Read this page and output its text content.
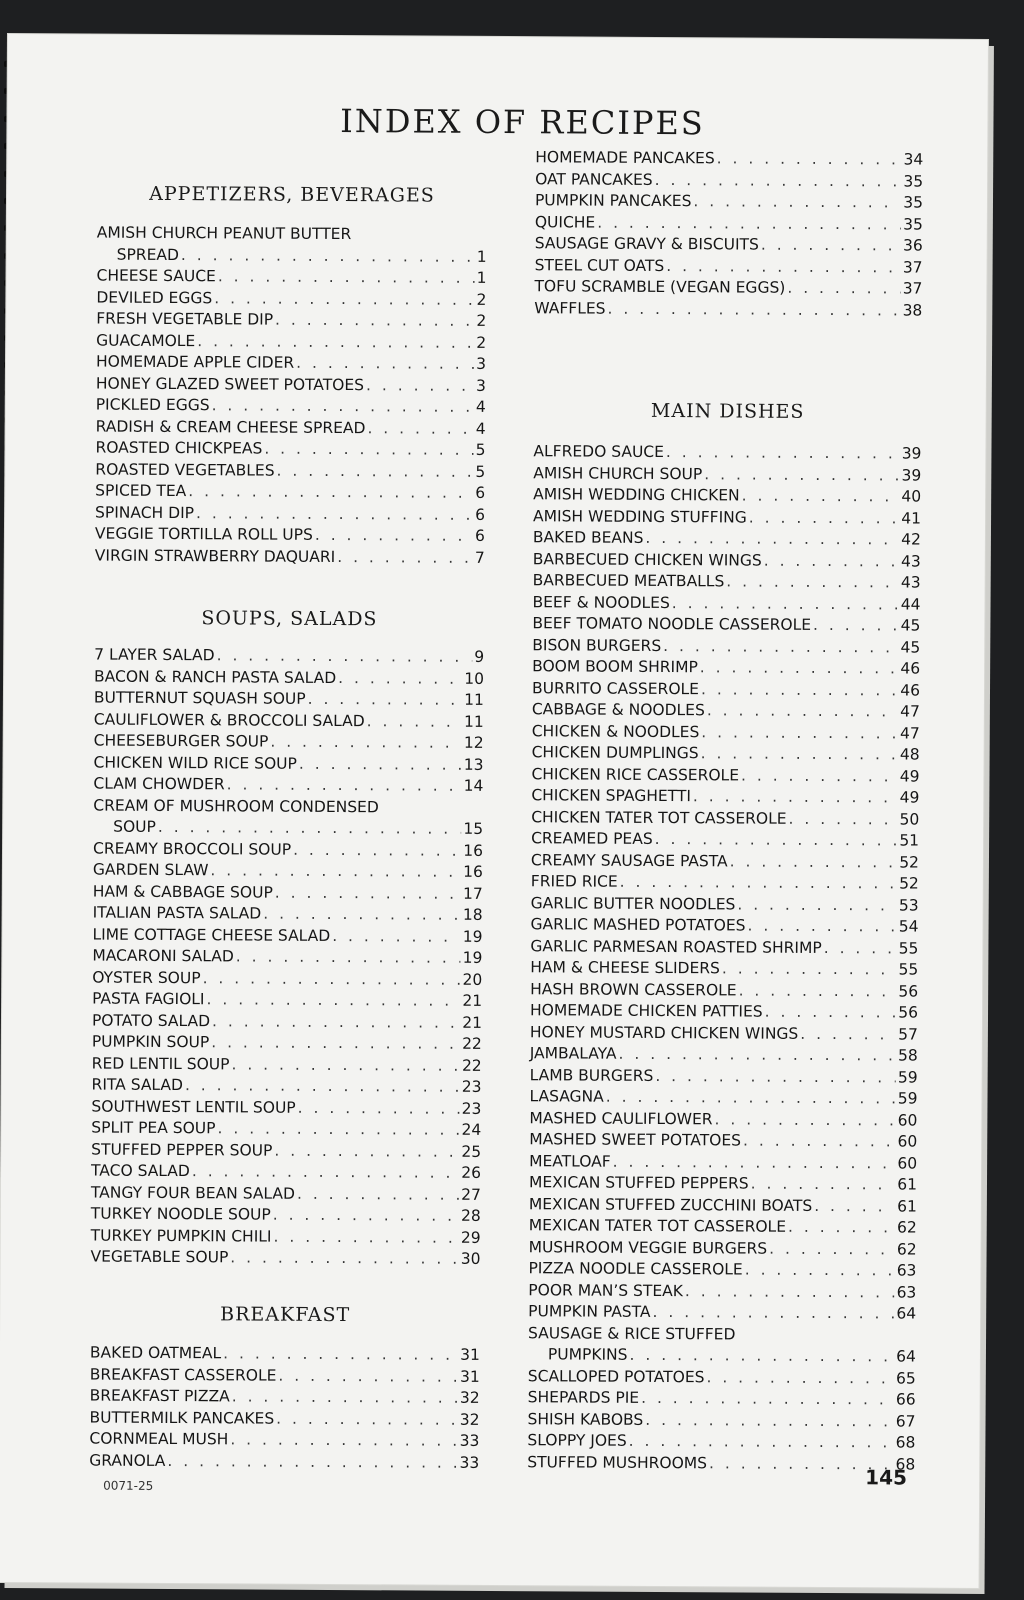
INDEX OF RECIPES
APPETIZERS, BEVERAGES
AMISH CHURCH PEANUT BUTTER
SPREAD . . .	1
CHEESE SAUCE . . .	1
DEVILED EGGS . . .	2
FRESH VEGETABLE DIP . . .	2
GUACAMOLE . . .	2
HOMEMADE APPLE CIDER . . .	3
HONEY GLAZED SWEET POTATOES . . .	3
PICKLED EGGS . . .	4
RADISH & CREAM CHEESE SPREAD . . .	4
ROASTED CHICKPEAS . . .	5
ROASTED VEGETABLES . . .	5
SPICED TEA . . .	6
SPINACH DIP . . .	6
VEGGIE TORTILLA ROLL UPS . . .	6
VIRGIN STRAWBERRY DAQUARI . . .	7
SOUPS, SALADS
7 LAYER SALAD . . .	9
BACON & RANCH PASTA SALAD . . .	10
BUTTERNUT SQUASH SOUP . . .	11
CAULIFLOWER & BROCCOLI SALAD . . .	11
CHEESEBURGER SOUP . . .	12
CHICKEN WILD RICE SOUP . . .	13
CLAM CHOWDER . . .	14
CREAM OF MUSHROOM CONDENSED
SOUP . . .	15
CREAMY BROCCOLI SOUP . . .	16
GARDEN SLAW . . .	16
HAM & CABBAGE SOUP . . .	17
ITALIAN PASTA SALAD . . .	18
LIME COTTAGE CHEESE SALAD . . .	19
MACARONI SALAD . . .	19
OYSTER SOUP . . .	20
PASTA FAGIOLI . . .	21
POTATO SALAD . . .	21
PUMPKIN SOUP . . .	22
RED LENTIL SOUP . . .	22
RITA SALAD . . .	23
SOUTHWEST LENTIL SOUP . . .	23
SPLIT PEA SOUP . . .	24
STUFFED PEPPER SOUP . . .	25
TACO SALAD . . .	26
TANGY FOUR BEAN SALAD . . .	27
TURKEY NOODLE SOUP . . .	28
TURKEY PUMPKIN CHILI . . .	29
VEGETABLE SOUP . . .	30
BREAKFAST
BAKED OATMEAL . . .	31
BREAKFAST CASSEROLE . . .	31
BREAKFAST PIZZA . . .	32
BUTTERMILK PANCAKES . . .	32
CORNMEAL MUSH . . .	33
GRANOLA . . .	33
HOMEMADE PANCAKES . . .	34
OAT PANCAKES . . .	35
PUMPKIN PANCAKES . . .	35
QUICHE . . .	35
SAUSAGE GRAVY & BISCUITS . . .	36
STEEL CUT OATS . . .	37
TOFU SCRAMBLE (VEGAN EGGS) . . .	37
WAFFLES . . .	38
MAIN DISHES
ALFREDO SAUCE . . .	39
AMISH CHURCH SOUP . . .	39
AMISH WEDDING CHICKEN . . .	40
AMISH WEDDING STUFFING . . .	41
BAKED BEANS . . .	42
BARBECUED CHICKEN WINGS . . .	43
BARBECUED MEATBALLS . . .	43
BEEF & NOODLES . . .	44
BEEF TOMATO NOODLE CASSEROLE . . .	45
BISON BURGERS . . .	45
BOOM BOOM SHRIMP . . .	46
BURRITO CASSEROLE . . .	46
CABBAGE & NOODLES . . .	47
CHICKEN & NOODLES . . .	47
CHICKEN DUMPLINGS . . .	48
CHICKEN RICE CASSEROLE . . .	49
CHICKEN SPAGHETTI . . .	49
CHICKEN TATER TOT CASSEROLE . . .	50
CREAMED PEAS . . .	51
CREAMY SAUSAGE PASTA . . .	52
FRIED RICE . . .	52
GARLIC BUTTER NOODLES . . .	53
GARLIC MASHED POTATOES . . .	54
GARLIC PARMESAN ROASTED SHRIMP . . .	55
HAM & CHEESE SLIDERS . . .	55
HASH BROWN CASSEROLE . . .	56
HOMEMADE CHICKEN PATTIES . . .	56
HONEY MUSTARD CHICKEN WINGS . . .	57
JAMBALAYA . . .	58
LAMB BURGERS . . .	59
LASAGNA . . .	59
MASHED CAULIFLOWER . . .	60
MASHED SWEET POTATOES . . .	60
MEATLOAF . . .	60
MEXICAN STUFFED PEPPERS . . .	61
MEXICAN STUFFED ZUCCHINI BOATS . . .	61
MEXICAN TATER TOT CASSEROLE . . .	62
MUSHROOM VEGGIE BURGERS . . .	62
PIZZA NOODLE CASSEROLE . . .	63
POOR MAN’S STEAK . . .	63
PUMPKIN PASTA . . .	64
SAUSAGE & RICE STUFFED
PUMPKINS . . .	64
SCALLOPED POTATOES . . .	65
SHEPARDS PIE . . .	66
SHISH KABOBS . . .	67
SLOPPY JOES . . .	68
STUFFED MUSHROOMS . . .	68
0071-25	145
